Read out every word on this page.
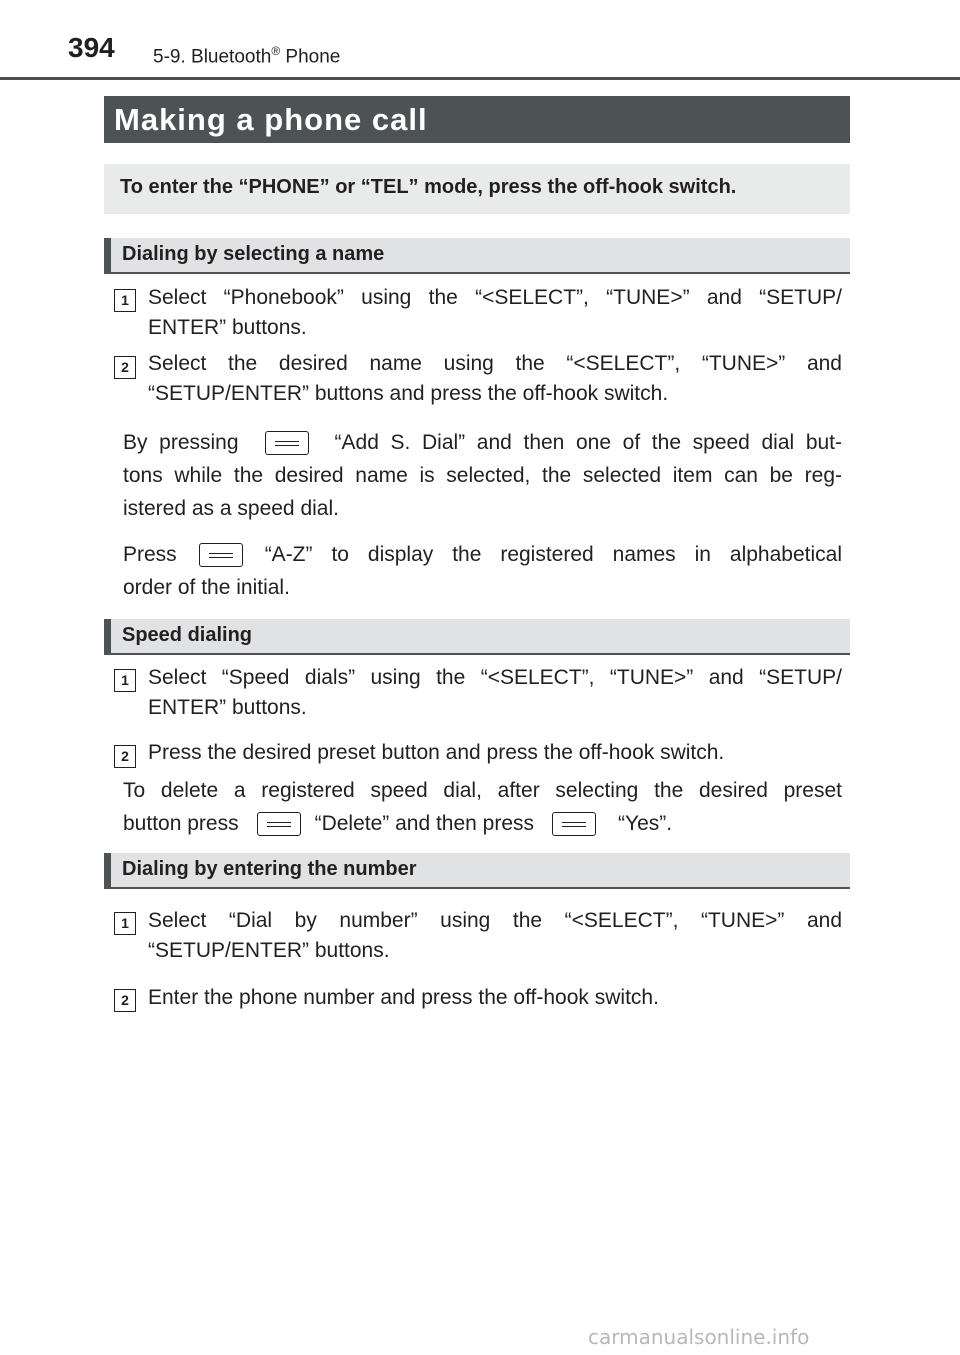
394 5-9. Bluetooth® Phone
Making a phone call
To enter the “PHONE” or “TEL” mode, press the off-hook switch.
Dialing by selecting a name
1 Select “Phonebook” using the “<SELECT”, “TUNE>” and “SETUP/ ENTER” buttons.
2 Select the desired name using the “<SELECT”, “TUNE>” and “SETUP/ENTER” buttons and press the off-hook switch.
By pressing	“Add S. Dial” and then one of the speed dial but-
tons while the desired name is selected, the selected item can be reg-
istered as a speed dial.
Press	“A-Z” to display the registered names in alphabetical
order of the initial.
Speed dialing
1 Select “Speed dials” using the “<SELECT”, “TUNE>” and “SETUP/ ENTER” buttons.
2 Press the desired preset button and press the off-hook switch.
To delete a registered speed dial, after selecting the desired preset
button press	“Delete” and then press	“Yes”.
Dialing by entering the number
1 Select “Dial by number” using the “<SELECT”, “TUNE>” and “SETUP/ENTER” buttons.
2 Enter the phone number and press the off-hook switch.
carmanualsonline.info
